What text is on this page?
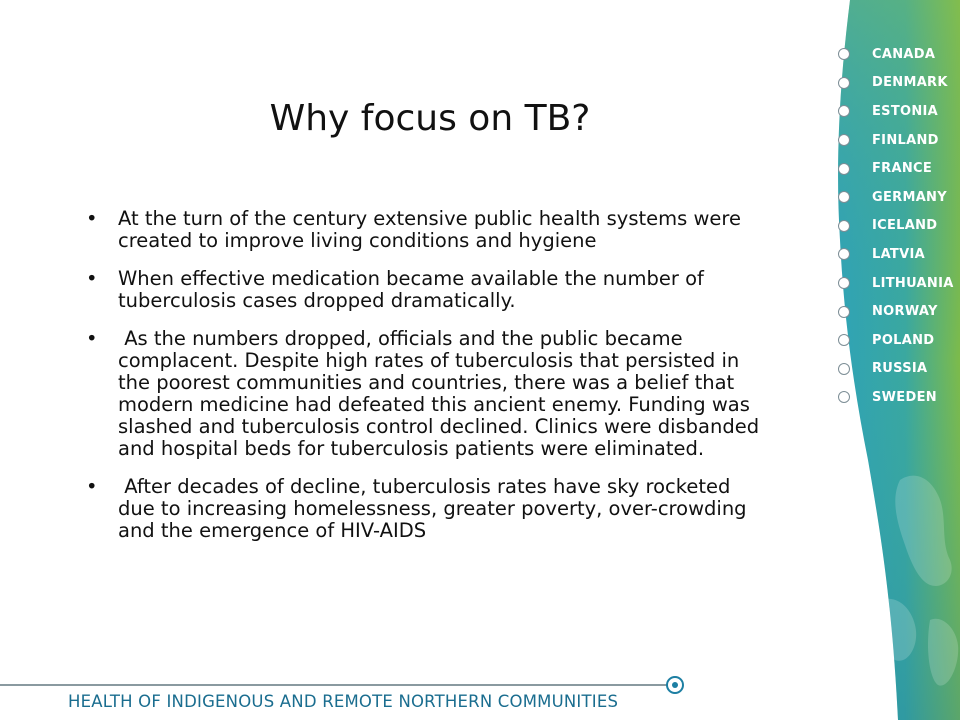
CANADA
DENMARK
ESTONIA
FINLAND
FRANCE
GERMANY
ICELAND
LATVIA
LITHUANIA
NORWAY
POLAND
RUSSIA
SWEDEN
Why focus on TB?
• At the turn of the century extensive public health systems were created to improve living conditions and hygiene
• When effective medication became available the number of tuberculosis cases dropped dramatically.
• As the numbers dropped, officials and the public became complacent. Despite high rates of tuberculosis that persisted in the poorest communities and countries, there was a belief that modern medicine had defeated this ancient enemy. Funding was slashed and tuberculosis control declined. Clinics were disbanded and hospital beds for tuberculosis patients were eliminated.
• After decades of decline, tuberculosis rates have sky rocketed due to increasing homelessness, greater poverty, over-crowding and the emergence of HIV-AIDS
HEALTH OF INDIGENOUS AND REMOTE NORTHERN COMMUNITIES
